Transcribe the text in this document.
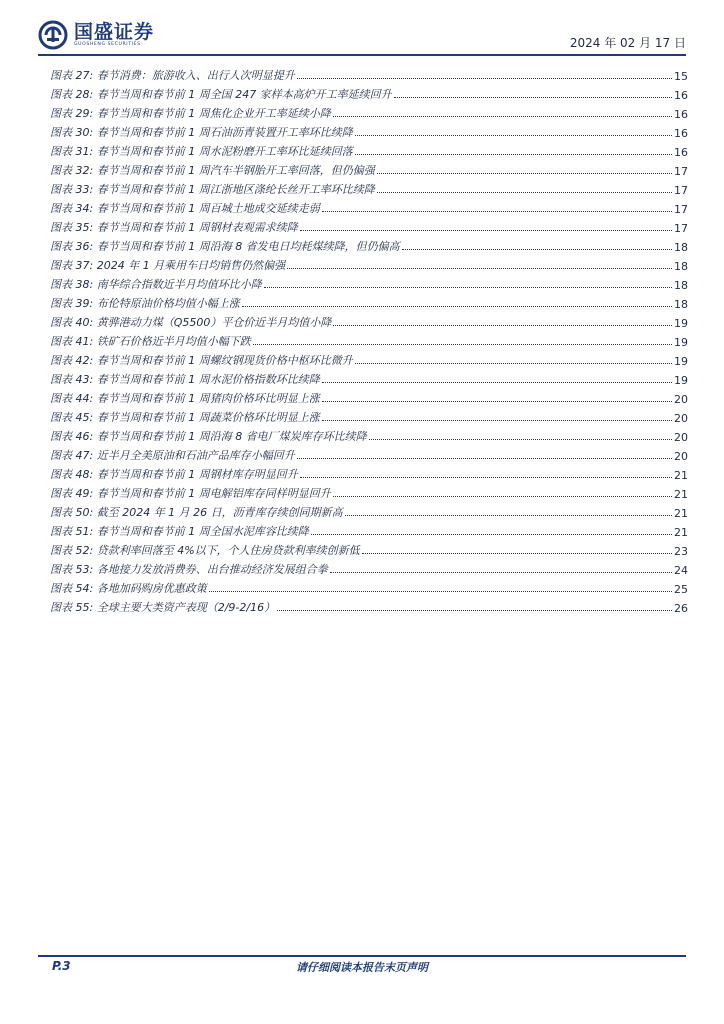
国盛证券
GUOSHENG SECURITIES	2024 年 02 月 17 日
图表 27: 春节消费：旅游收入、出行人次明显提升	15
图表 28: 春节当周和春节前 1 周全国 247 家样本高炉开工率延续回升	16
图表 29: 春节当周和春节前 1 周焦化企业开工率延续小降	16
图表 30: 春节当周和春节前 1 周石油沥青装置开工率环比续降	16
图表 31: 春节当周和春节前 1 周水泥粉磨开工率环比延续回落	16
图表 32: 春节当周和春节前 1 周汽车半钢胎开工率回落，但仍偏强	17
图表 33: 春节当周和春节前 1 周江浙地区涤纶长丝开工率环比续降	17
图表 34: 春节当周和春节前 1 周百城土地成交延续走弱	17
图表 35: 春节当周和春节前 1 周钢材表观需求续降	17
图表 36: 春节当周和春节前 1 周沿海 8 省发电日均耗煤续降，但仍偏高	18
图表 37: 2024 年 1 月乘用车日均销售仍然偏强	18
图表 38: 南华综合指数近半月均值环比小降	18
图表 39: 布伦特原油价格均值小幅上涨	18
图表 40: 黄骅港动力煤（Q5500）平仓价近半月均值小降	19
图表 41: 铁矿石价格近半月均值小幅下跌	19
图表 42: 春节当周和春节前 1 周螺纹钢现货价格中枢环比微升	19
图表 43: 春节当周和春节前 1 周水泥价格指数环比续降	19
图表 44: 春节当周和春节前 1 周猪肉价格环比明显上涨	20
图表 45: 春节当周和春节前 1 周蔬菜价格环比明显上涨	20
图表 46: 春节当周和春节前 1 周沿海 8 省电厂煤炭库存环比续降	20
图表 47: 近半月全美原油和石油产品库存小幅回升	20
图表 48: 春节当周和春节前 1 周钢材库存明显回升	21
图表 49: 春节当周和春节前 1 周电解铝库存同样明显回升	21
图表 50: 截至 2024 年 1 月 26 日，沥青库存续创同期新高	21
图表 51: 春节当周和春节前 1 周全国水泥库容比续降	21
图表 52: 贷款利率回落至 4%以下，个人住房贷款利率续创新低	23
图表 53: 各地接力发放消费券、出台推动经济发展组合拳	24
图表 54: 各地加码购房优惠政策	25
图表 55: 全球主要大类资产表现（2/9-2/16）	26
请仔细阅读本报告末页声明
P.3
